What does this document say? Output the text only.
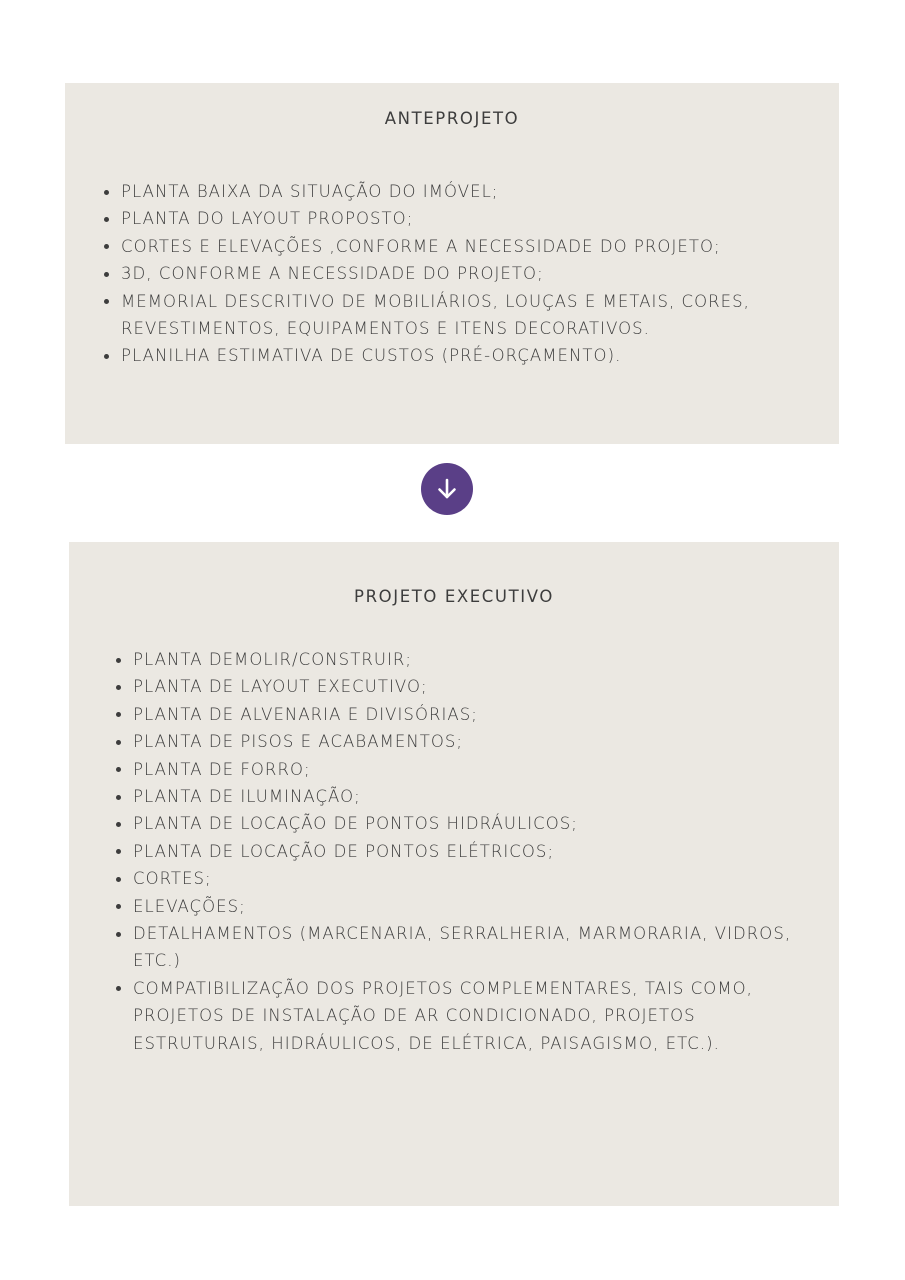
ANTEPROJETO
PLANTA BAIXA DA SITUAÇÃO DO IMÓVEL;
PLANTA DO LAYOUT PROPOSTO;
CORTES E ELEVAÇÕES ,CONFORME A NECESSIDADE DO PROJETO;
3D, CONFORME A NECESSIDADE DO PROJETO;
MEMORIAL DESCRITIVO DE MOBILIÁRIOS, LOUÇAS E METAIS, CORES, REVESTIMENTOS, EQUIPAMENTOS E ITENS DECORATIVOS.
PLANILHA ESTIMATIVA DE CUSTOS (PRÉ-ORÇAMENTO).
PROJETO EXECUTIVO
PLANTA DEMOLIR/CONSTRUIR;
PLANTA DE LAYOUT EXECUTIVO;
PLANTA DE ALVENARIA E DIVISÓRIAS;
PLANTA DE PISOS E ACABAMENTOS;
PLANTA DE FORRO;
PLANTA DE ILUMINAÇÃO;
PLANTA DE LOCAÇÃO DE PONTOS HIDRÁULICOS;
PLANTA DE LOCAÇÃO DE PONTOS ELÉTRICOS;
CORTES;
ELEVAÇÕES;
DETALHAMENTOS (MARCENARIA, SERRALHERIA, MARMORARIA, VIDROS, ETC.)
COMPATIBILIZAÇÃO DOS PROJETOS COMPLEMENTARES, TAIS COMO, PROJETOS DE INSTALAÇÃO DE AR CONDICIONADO, PROJETOS ESTRUTURAIS, HIDRÁULICOS, DE ELÉTRICA, PAISAGISMO, ETC.).
